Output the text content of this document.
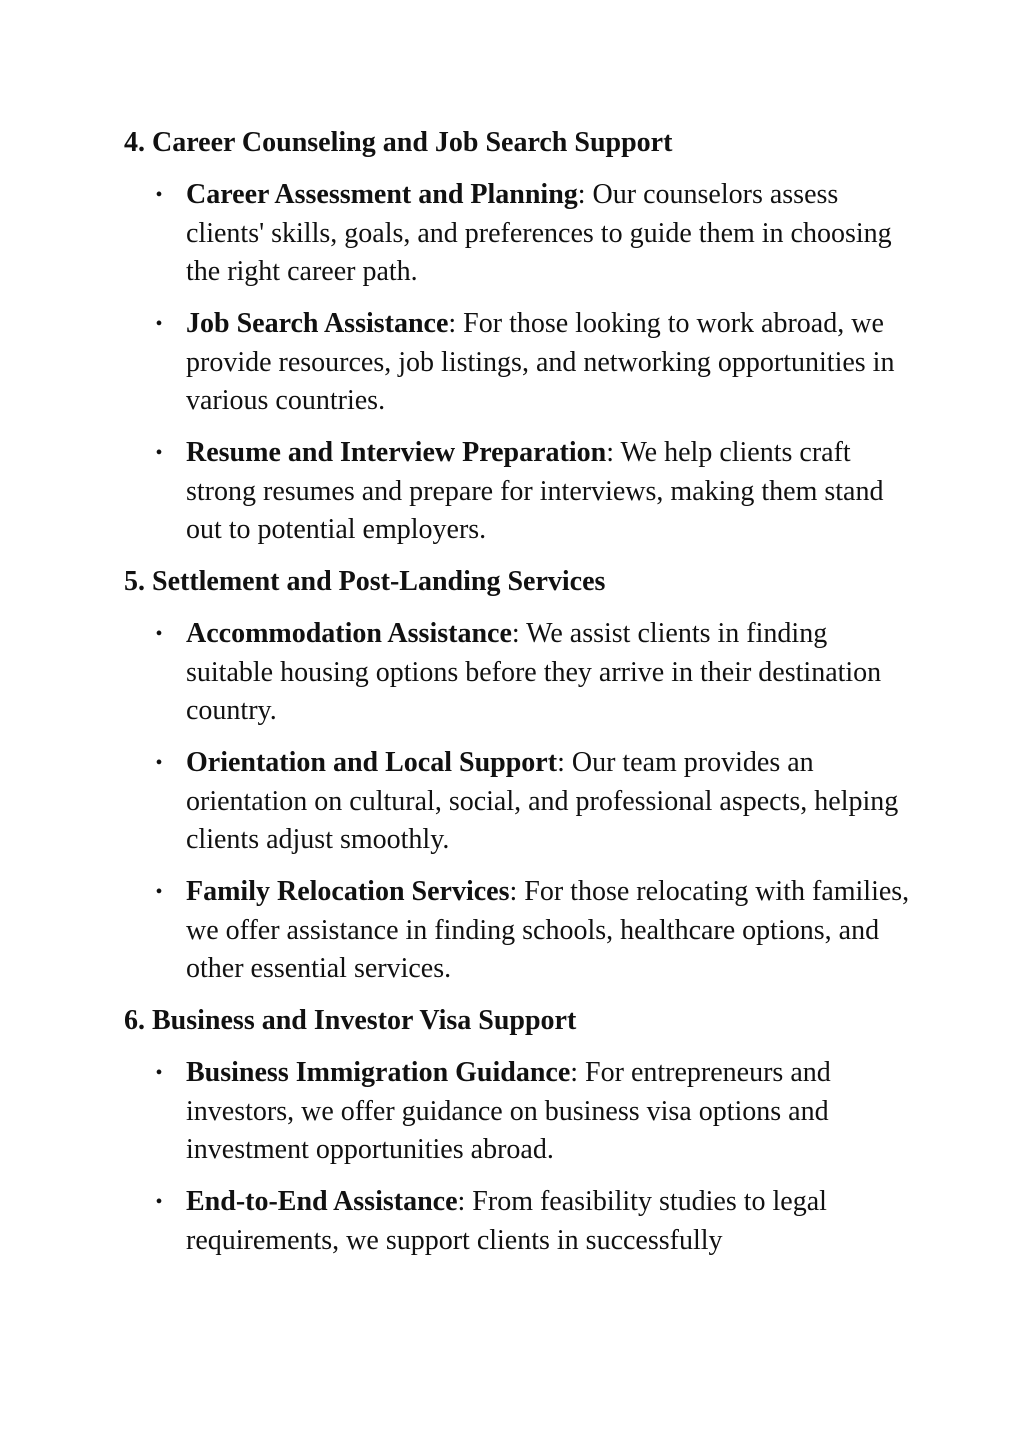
4. Career Counseling and Job Search Support

• Career Assessment and Planning: Our counselors assess clients' skills, goals, and preferences to guide them in choosing the right career path.

• Job Search Assistance: For those looking to work abroad, we provide resources, job listings, and networking opportunities in various countries.

• Resume and Interview Preparation: We help clients craft strong resumes and prepare for interviews, making them stand out to potential employers.

5. Settlement and Post-Landing Services

• Accommodation Assistance: We assist clients in finding suitable housing options before they arrive in their destination country.

• Orientation and Local Support: Our team provides an orientation on cultural, social, and professional aspects, helping clients adjust smoothly.

• Family Relocation Services: For those relocating with families, we offer assistance in finding schools, healthcare options, and other essential services.

6. Business and Investor Visa Support

• Business Immigration Guidance: For entrepreneurs and investors, we offer guidance on business visa options and investment opportunities abroad.

• End-to-End Assistance: From feasibility studies to legal requirements, we support clients in successfully
